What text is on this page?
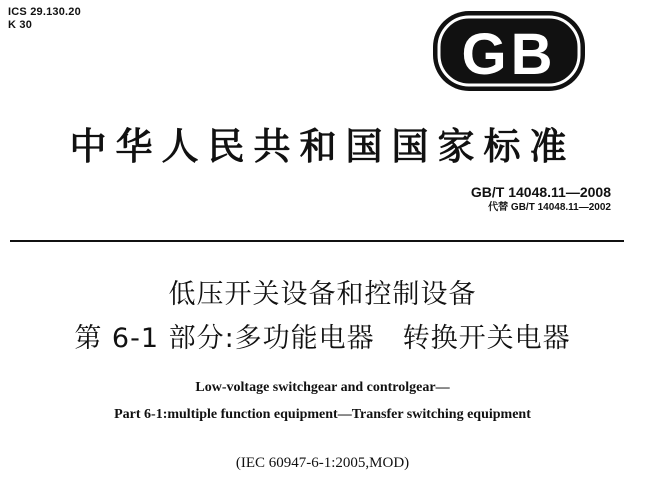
ICS 29.130.20
K 30	GB
中华人民共和国国家标准
GB/T 14048.11—2008
代替 GB/T 14048.11—2002
低压开关设备和控制设备
第 6-1 部分:多功能电器　转换开关电器
Low-voltage switchgear and controlgear—
Part 6-1:multiple function equipment—Transfer switching equipment
(IEC 60947-6-1:2005,MOD)
